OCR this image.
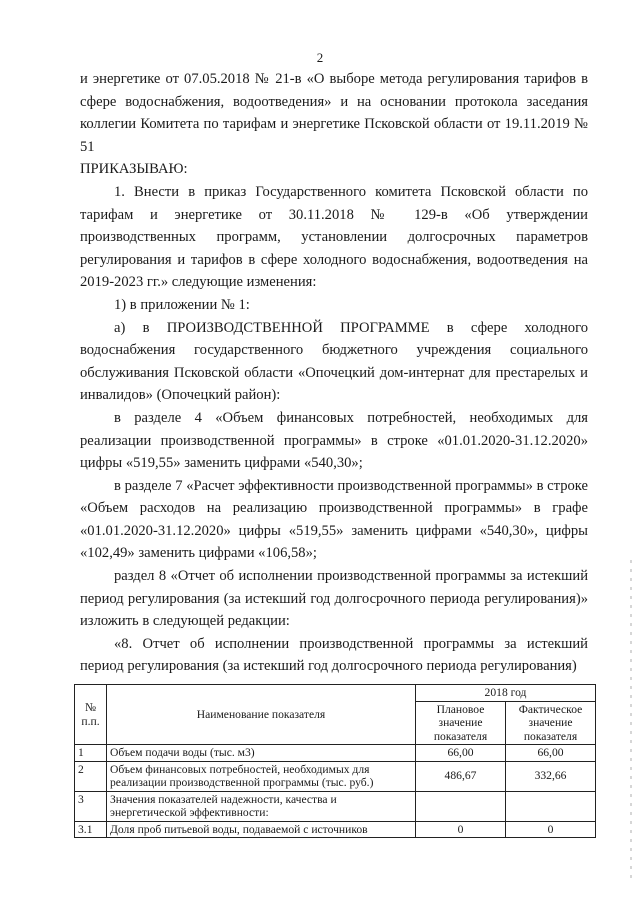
2

и энергетике от 07.05.2018 № 21-в «О выборе метода регулирования тарифов в сфере водоснабжения, водоотведения» и на основании протокола заседания коллегии Комитета по тарифам и энергетике Псковской области от 19.11.2019 № 51

ПРИКАЗЫВАЮ:

1. Внести в приказ Государственного комитета Псковской области по тарифам и энергетике от 30.11.2018 № 129-в «Об утверждении производственных программ, установлении долгосрочных параметров регулирования и тарифов в сфере холодного водоснабжения, водоотведения на 2019-2023 гг.» следующие изменения:

1) в приложении № 1:

а) в ПРОИЗВОДСТВЕННОЙ ПРОГРАММЕ в сфере холодного водоснабжения государственного бюджетного учреждения социального обслуживания Псковской области «Опочецкий дом-интернат для престарелых и инвалидов» (Опочецкий район):

в разделе 4 «Объем финансовых потребностей, необходимых для реализации производственной программы» в строке «01.01.2020-31.12.2020» цифры «519,55» заменить цифрами «540,30»;

в разделе 7 «Расчет эффективности производственной программы» в строке «Объем расходов на реализацию производственной программы» в графе «01.01.2020-31.12.2020» цифры «519,55» заменить цифрами «540,30», цифры «102,49» заменить цифрами «106,58»;

раздел 8 «Отчет об исполнении производственной программы за истекший период регулирования (за истекший год долгосрочного периода регулирования)» изложить в следующей редакции:

«8. Отчет об исполнении производственной программы за истекший период регулирования (за истекший год долгосрочного периода регулирования)

№ п.п.	Наименование показателя	2018 год	
		Плановое значение показателя	Фактическое значение показателя
1	Объем подачи воды (тыс. м3)	66,00	66,00
2	Объем финансовых потребностей, необходимых для реализации производственной программы (тыс. руб.)	486,67	332,66
3	Значения показателей надежности, качества и энергетической эффективности:		
3.1	Доля проб питьевой воды, подаваемой с источников	0	0
